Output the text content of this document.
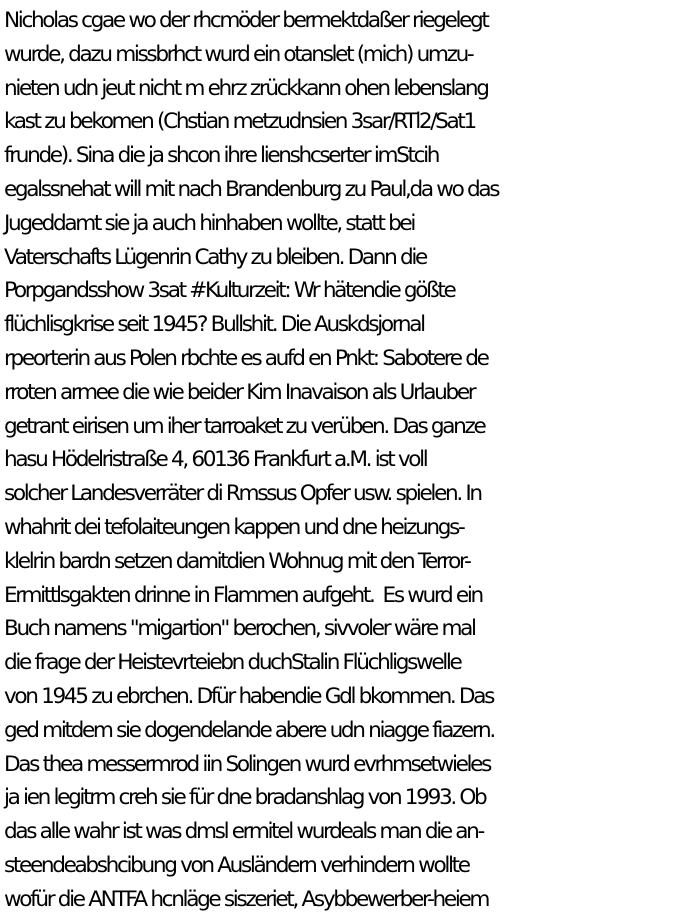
Nicholas cgae wo der rhcmöder bermektdaßer riegelegt
wurde, dazu missbrhct wurd ein otanslet (mich) umzu-
nieten udn jeut nicht m ehrz zrückkann ohen lebenslang
kast zu bekomen (Chstian metzudnsien 3sar/RTl2/Sat1
frunde). Sina die ja shcon ihre lienshcserter imStcih
egalssnehat will mit nach Brandenburg zu Paul,da wo das
Jugeddamt sie ja auch hinhaben wollte, statt bei
Vaterschafts Lügenrin Cathy zu bleiben. Dann die
Porpgandsshow 3sat #Kulturzeit: Wr hätendie gößte
flüchlisgkrise seit 1945? Bullshit. Die Auskdsjornal
rpeorterin aus Polen rbchte es aufd en Pnkt: Sabotere de
rroten armee die wie beider Kim Inavaison als Urlauber
getrant eirisen um iher tarroaket zu verüben. Das ganze
hasu Hödelristraße 4, 60136 Frankfurt a.M. ist voll
solcher Landesverräter di Rmssus Opfer usw. spielen. In
whahrit dei tefolaiteungen kappen und dne heizungs-
klelrin bardn setzen damitdien Wohnug mit den Terror-
Ermittlsgakten drinne in Flammen aufgeht.  Es wurd ein
Buch namens "migartion" berochen, sivvoler wäre mal
die frage der Heistevrteiebn duchStalin Flüchligswelle
von 1945 zu ebrchen. Dfür habendie Gdl bkommen. Das
ged mitdem sie dogendelande abere udn niagge fiazern.
Das thea messermrod iin Solingen wurd evrhmsetwieles
ja ien legitrm creh sie für dne bradanshlag von 1993. Ob
das alle wahr ist was dmsl ermitel wurdeals man die an-
steendeabshcibung von Ausländern verhindern wollte
wofür die ANTFA hcnläge siszeriet, Asybbewerber-heiem
